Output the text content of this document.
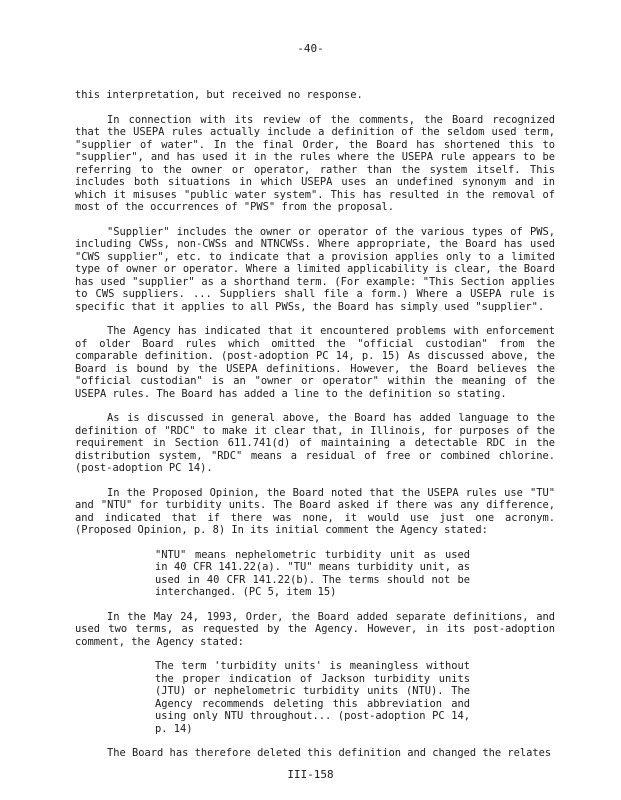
-40-

this interpretation, but received no response.

In connection with its review of the comments, the Board recognized that the USEPA rules actually include a definition of the seldom used term, "supplier of water". In the final Order, the Board has shortened this to "supplier", and has used it in the rules where the USEPA rule appears to be referring to the owner or operator, rather than the system itself. This includes both situations in which USEPA uses an undefined synonym and in which it misuses "public water system". This has resulted in the removal of most of the occurrences of "PWS" from the proposal.

"Supplier" includes the owner or operator of the various types of PWS, including CWSs, non-CWSs and NTNCWSs. Where appropriate, the Board has used "CWS supplier", etc. to indicate that a provision applies only to a limited type of owner or operator. Where a limited applicability is clear, the Board has used "supplier" as a shorthand term. (For example: "This Section applies to CWS suppliers. ... Suppliers shall file a form.) Where a USEPA rule is specific that it applies to all PWSs, the Board has simply used "supplier".

The Agency has indicated that it encountered problems with enforcement of older Board rules which omitted the "official custodian" from the comparable definition. (post-adoption PC 14, p. 15) As discussed above, the Board is bound by the USEPA definitions. However, the Board believes the "official custodian" is an "owner or operator" within the meaning of the USEPA rules. The Board has added a line to the definition so stating.

As is discussed in general above, the Board has added language to the definition of "RDC" to make it clear that, in Illinois, for purposes of the requirement in Section 611.741(d) of maintaining a detectable RDC in the distribution system, "RDC" means a residual of free or combined chlorine. (post-adoption PC 14).

In the Proposed Opinion, the Board noted that the USEPA rules use "TU" and "NTU" for turbidity units. The Board asked if there was any difference, and indicated that if there was none, it would use just one acronym. (Proposed Opinion, p. 8) In its initial comment the Agency stated:

"NTU" means nephelometric turbidity unit as used in 40 CFR 141.22(a). "TU" means turbidity unit, as used in 40 CFR 141.22(b). The terms should not be interchanged. (PC 5, item 15)

In the May 24, 1993, Order, the Board added separate definitions, and used two terms, as requested by the Agency. However, in its post-adoption comment, the Agency stated:

The term 'turbidity units' is meaningless without the proper indication of Jackson turbidity units (JTU) or nephelometric turbidity units (NTU). The Agency recommends deleting this abbreviation and using only NTU throughout... (post-adoption PC 14, p. 14)

The Board has therefore deleted this definition and changed the relates

III-158
